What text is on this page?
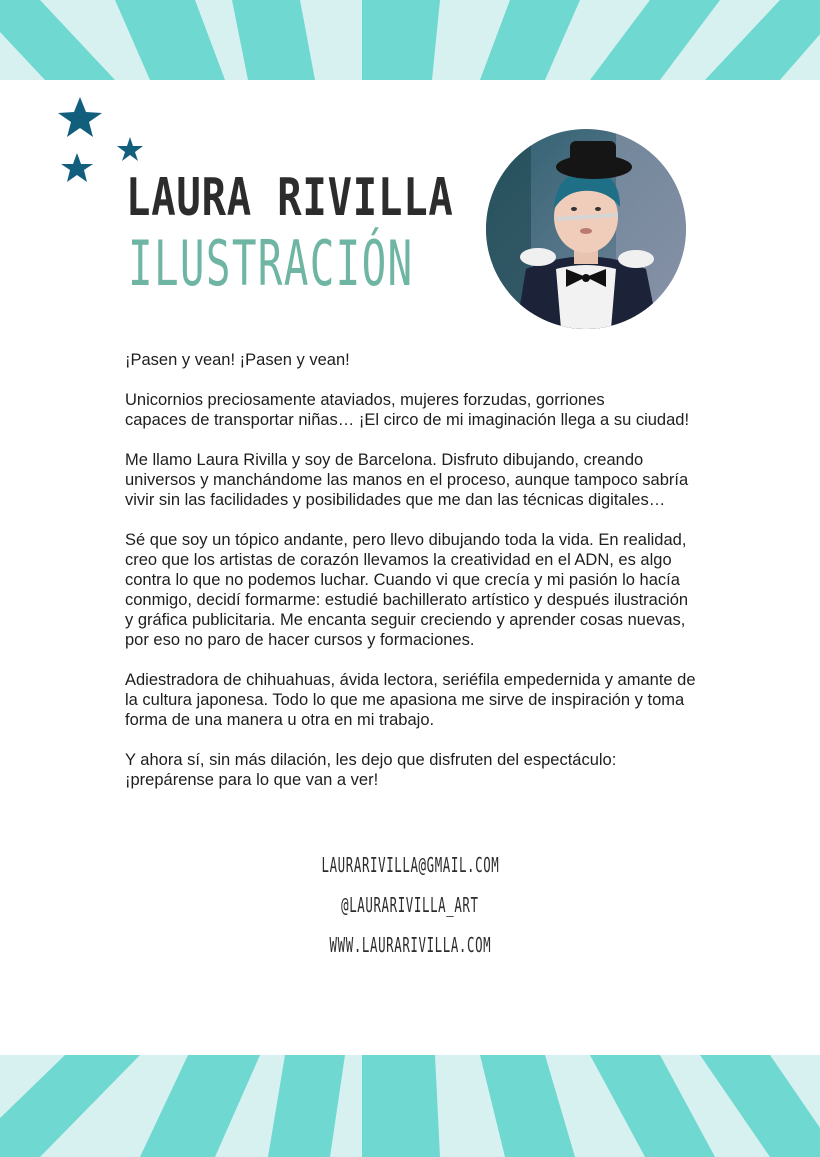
LAURA RIVILLA
ILUSTRACIÓN

¡Pasen y vean! ¡Pasen y vean!

Unicornios preciosamente ataviados, mujeres forzudas, gorriones
capaces de transportar niñas… ¡El circo de mi imaginación llega a su ciudad!

Me llamo Laura Rivilla y soy de Barcelona. Disfruto dibujando, creando
universos y manchándome las manos en el proceso, aunque tampoco sabría
vivir sin las facilidades y posibilidades que me dan las técnicas digitales…

Sé que soy un tópico andante, pero llevo dibujando toda la vida. En realidad,
creo que los artistas de corazón llevamos la creatividad en el ADN, es algo
contra lo que no podemos luchar. Cuando vi que crecía y mi pasión lo hacía
conmigo, decidí formarme: estudié bachillerato artístico y después ilustración
y gráfica publicitaria. Me encanta seguir creciendo y aprender cosas nuevas,
por eso no paro de hacer cursos y formaciones.

Adiestradora de chihuahuas, ávida lectora, seriéfila empedernida y amante de
la cultura japonesa. Todo lo que me apasiona me sirve de inspiración y toma
forma de una manera u otra en mi trabajo.

Y ahora sí, sin más dilación, les dejo que disfruten del espectáculo:
¡prepárense para lo que van a ver!

LAURARIVILLA@GMAIL.COM
@LAURARIVILLA_ART
WWW.LAURARIVILLA.COM
